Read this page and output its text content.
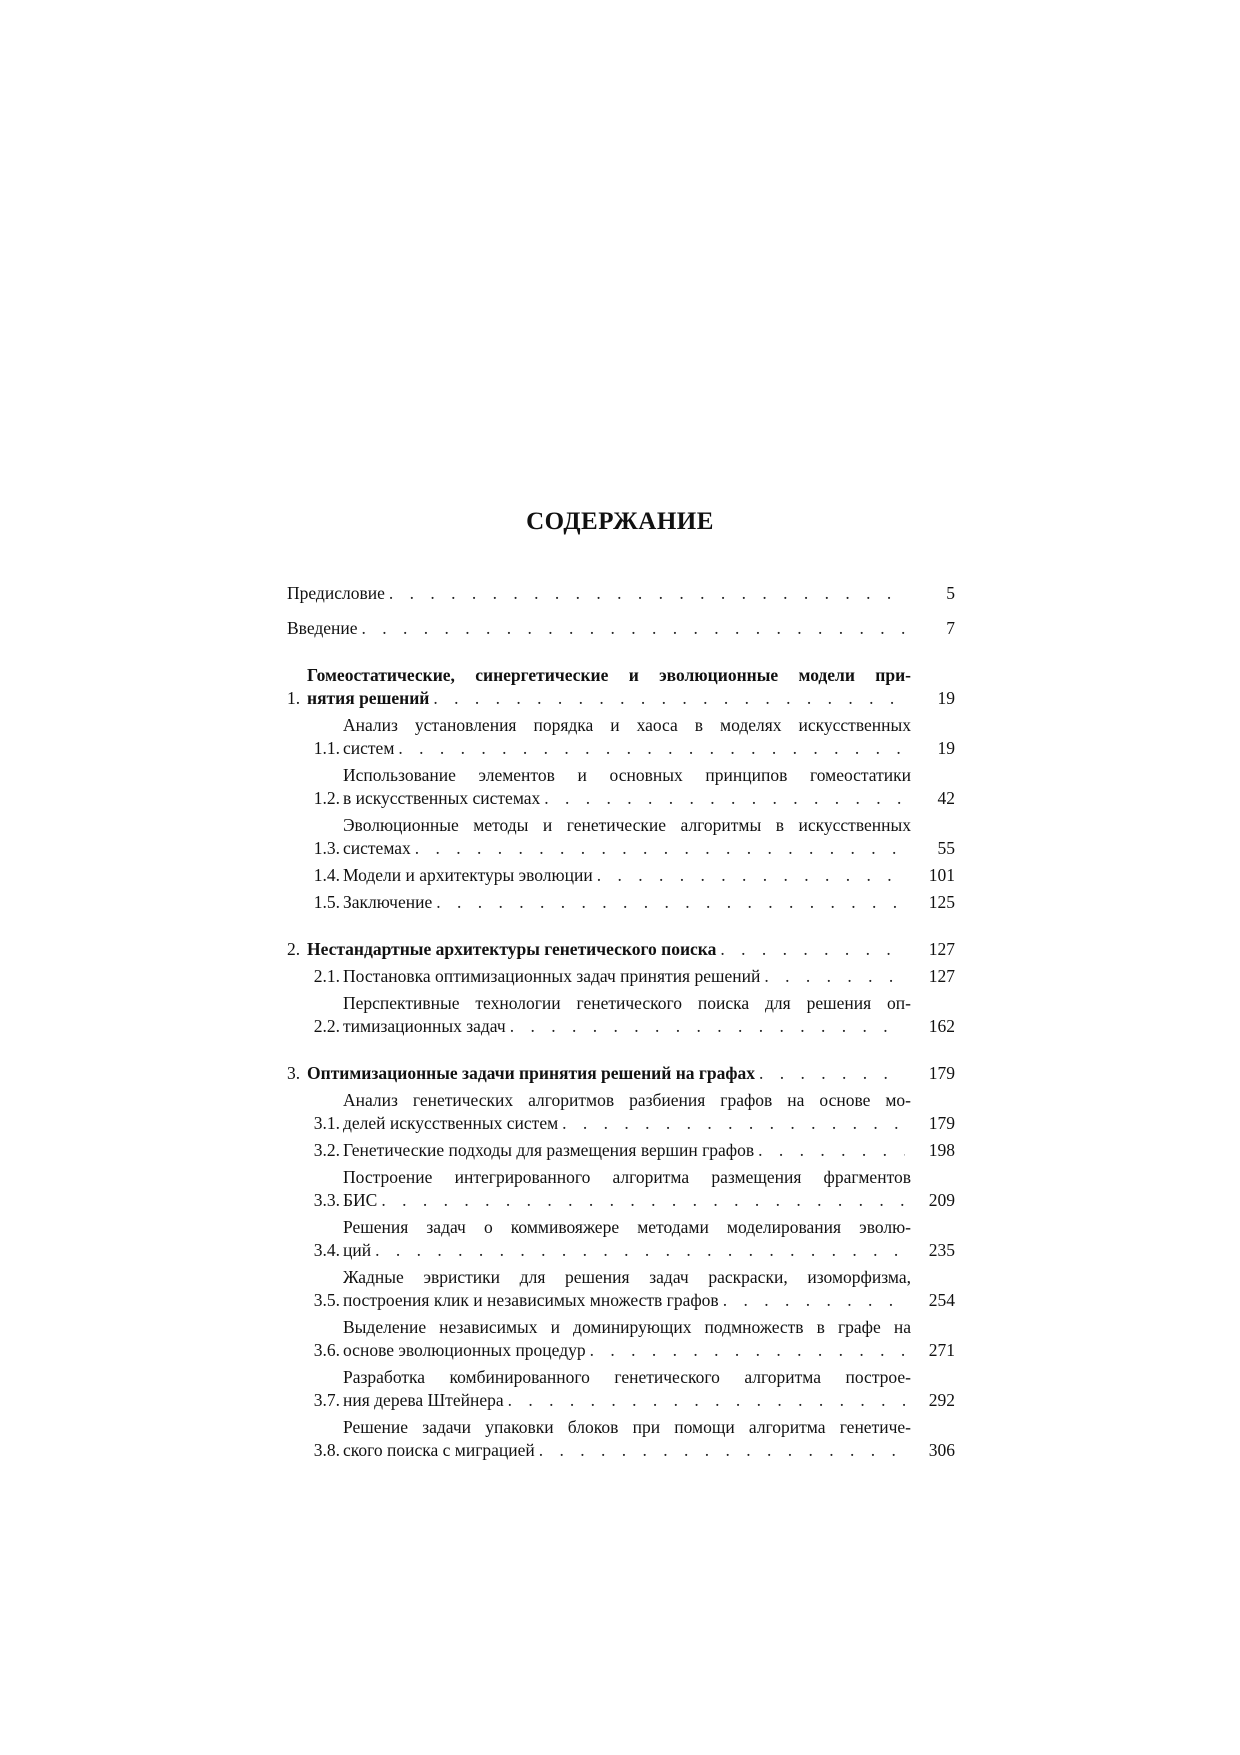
СОДЕРЖАНИЕ
Предисловие . . .	5
Введение . . .	7
1.
Гомеостатические, синергетические и эволюционные модели при-
нятия решений . . .	19
1.1.
Анализ установления порядка и хаоса в моделях искусственных
систем . . .	19
1.2.
Использование элементов и основных принципов гомеостатики
в искусственных системах . . .	42
1.3.
Эволюционные методы и генетические алгоритмы в искусственных
системах . . .	55
1.4. Модели и архитектуры эволюции . . .	101
1.5. Заключение . . .	125
2. Нестандартные архитектуры генетического поиска . . .	127
2.1. Постановка оптимизационных задач принятия решений . . .	127
2.2.
Перспективные технологии генетического поиска для решения оп-
тимизационных задач . . .	162
3. Оптимизационные задачи принятия решений на графах . . .	179
3.1.
Анализ генетических алгоритмов разбиения графов на основе мо-
делей искусственных систем . . .	179
3.2. Генетические подходы для размещения вершин графов . . .	198
3.3.
Построение интегрированного алгоритма размещения фрагментов
БИС . . .	209
3.4.
Решения задач о коммивояжере методами моделирования эволю-
ций . . .	235
3.5.
Жадные эвристики для решения задач раскраски, изоморфизма,
построения клик и независимых множеств графов . . .	254
3.6.
Выделение независимых и доминирующих подмножеств в графе на
основе эволюционных процедур . . .	271
3.7.
Разработка комбинированного генетического алгоритма построе-
ния дерева Штейнера . . .	292
3.8.
Решение задачи упаковки блоков при помощи алгоритма генетиче-
ского поиска с миграцией . . .	306
